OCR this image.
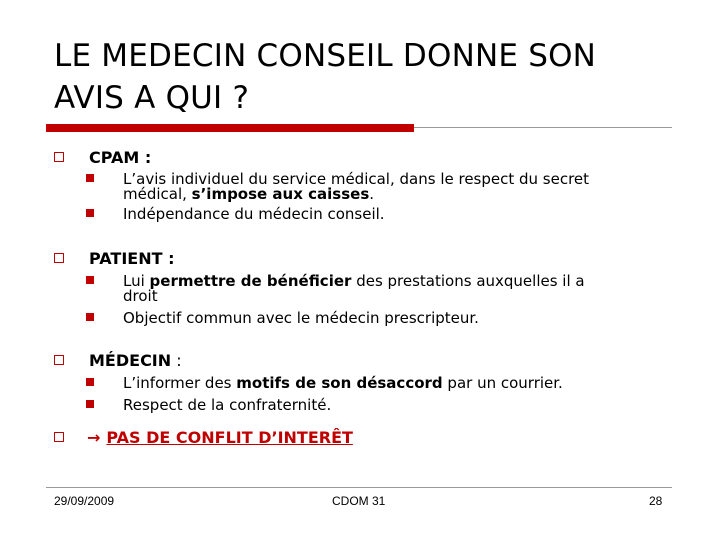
LE MEDECIN CONSEIL DONNE SON
AVIS A QUI ?
CPAM :
L’avis individuel du service médical, dans le respect du secret
médical, s’impose aux caisses.
Indépendance du médecin conseil.
PATIENT :
Lui permettre de bénéficier des prestations auxquelles il a
droit
Objectif commun avec le médecin prescripteur.
MÉDECIN :
L’informer des motifs de son désaccord par un courrier.
Respect de la confraternité.
→ PAS DE CONFLIT D’INTERÊT
29/09/2009	CDOM 31	28
